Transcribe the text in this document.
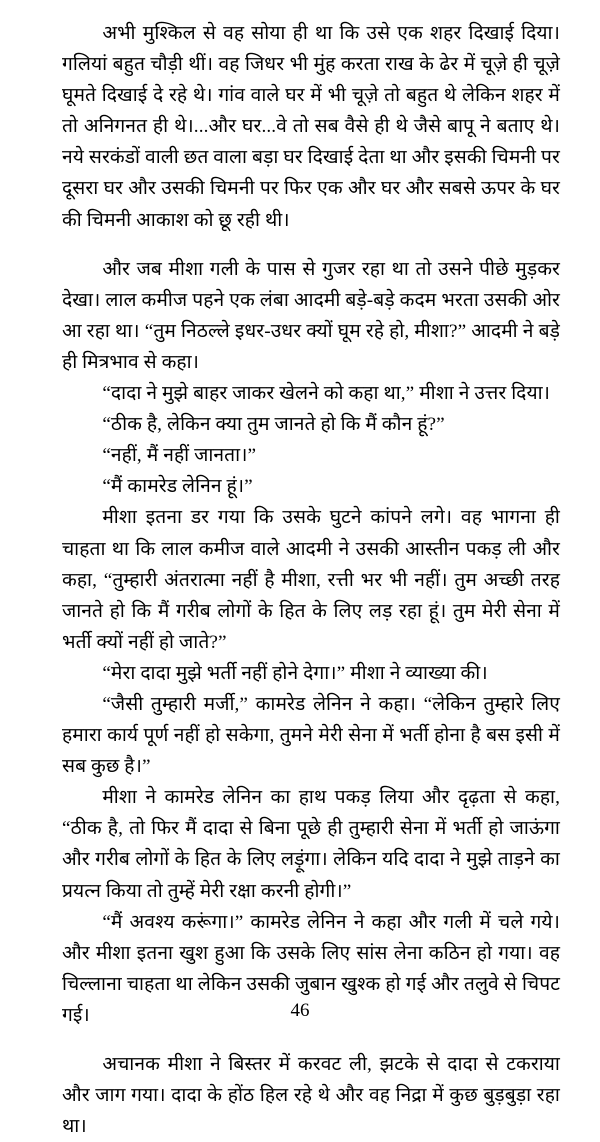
अभी मुश्किल से वह सोया ही था कि उसे एक शहर दिखाई दिया। गलियां बहुत चौड़ी थीं। वह जिधर भी मुंह करता राख के ढेर में चूज़े ही चूज़े घूमते दिखाई दे रहे थे। गांव वाले घर में भी चूज़े तो बहुत थे लेकिन शहर में तो अनिगनत ही थे।...और घर...वे तो सब वैसे ही थे जैसे बापू ने बताए थे। नये सरकंडों वाली छत वाला बड़ा घर दिखाई देता था और इसकी चिमनी पर दूसरा घर और उसकी चिमनी पर फिर एक और घर और सबसे ऊपर के घर की चिमनी आकाश को छू रही थी।

और जब मीशा गली के पास से गुजर रहा था तो उसने पीछे मुड़कर देखा। लाल कमीज पहने एक लंबा आदमी बड़े-बड़े कदम भरता उसकी ओर आ रहा था। “तुम निठल्ले इधर-उधर क्यों घूम रहे हो, मीशा?” आदमी ने बड़े ही मित्रभाव से कहा।

“दादा ने मुझे बाहर जाकर खेलने को कहा था,” मीशा ने उत्तर दिया।

“ठीक है, लेकिन क्या तुम जानते हो कि मैं कौन हूं?”

“नहीं, मैं नहीं जानता।”

“मैं कामरेड लेनिन हूं।”

मीशा इतना डर गया कि उसके घुटने कांपने लगे। वह भागना ही चाहता था कि लाल कमीज वाले आदमी ने उसकी आस्तीन पकड़ ली और कहा, “तुम्हारी अंतरात्मा नहीं है मीशा, रत्ती भर भी नहीं। तुम अच्छी तरह जानते हो कि मैं गरीब लोगों के हित के लिए लड़ रहा हूं। तुम मेरी सेना में भर्ती क्यों नहीं हो जाते?”

“मेरा दादा मुझे भर्ती नहीं होने देगा।” मीशा ने व्याख्या की।

“जैसी तुम्हारी मर्जी,” कामरेड लेनिन ने कहा। “लेकिन तुम्हारे लिए हमारा कार्य पूर्ण नहीं हो सकेगा, तुमने मेरी सेना में भर्ती होना है बस इसी में सब कुछ है।”

मीशा ने कामरेड लेनिन का हाथ पकड़ लिया और दृढ़ता से कहा, “ठीक है, तो फिर मैं दादा से बिना पूछे ही तुम्हारी सेना में भर्ती हो जाऊंगा और गरीब लोगों के हित के लिए लड़ूंगा। लेकिन यदि दादा ने मुझे ताड़ने का प्रयत्न किया तो तुम्हें मेरी रक्षा करनी होगी।”

“मैं अवश्य करूंगा।” कामरेड लेनिन ने कहा और गली में चले गये। और मीशा इतना खुश हुआ कि उसके लिए सांस लेना कठिन हो गया। वह चिल्लाना चाहता था लेकिन उसकी जुबान खुश्क हो गई और तलुवे से चिपट गई।

अचानक मीशा ने बिस्तर में करवट ली, झटके से दादा से टकराया और जाग गया। दादा के होंठ हिल रहे थे और वह निद्रा में कुछ बुड़बुड़ा रहा था।

46
